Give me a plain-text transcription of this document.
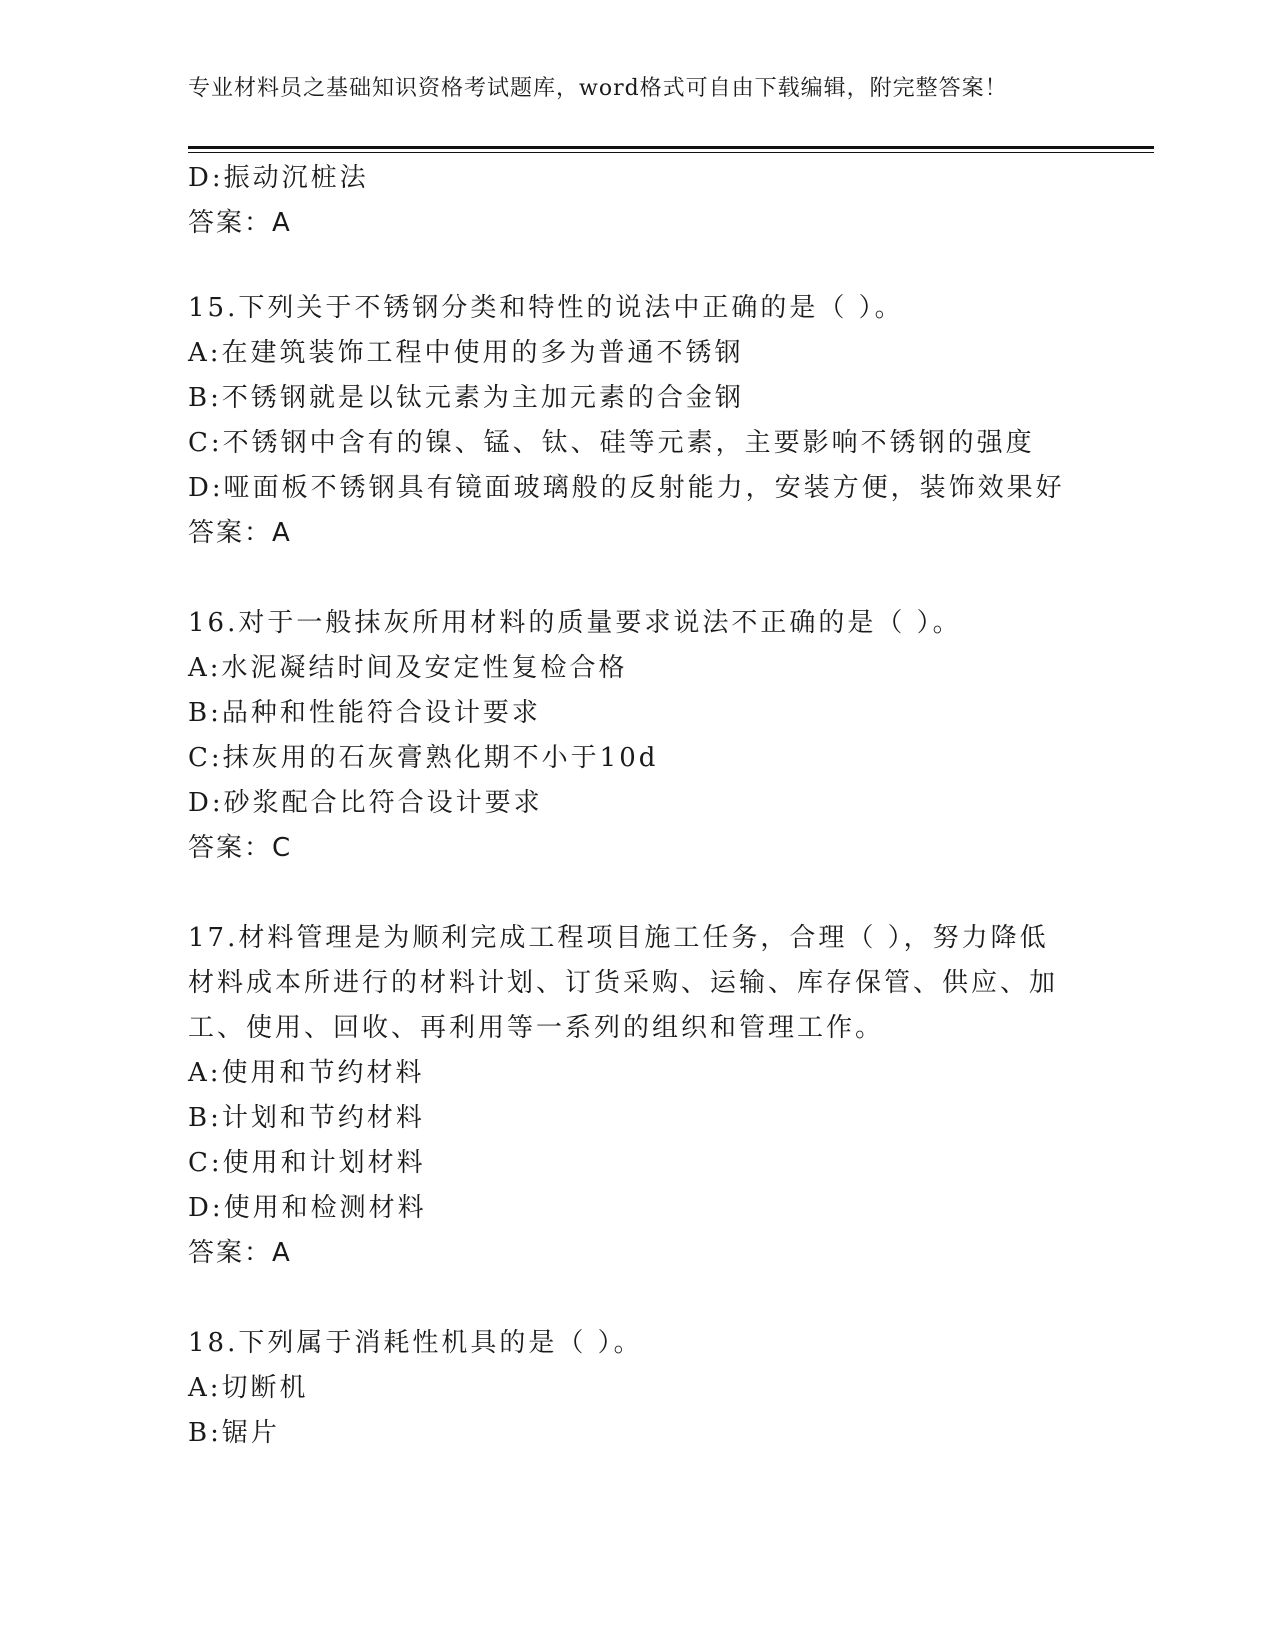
专业材料员之基础知识资格考试题库，word格式可自由下载编辑，附完整答案！
D:振动沉桩法
答案：A
15.下列关于不锈钢分类和特性的说法中正确的是（ ）。
A:在建筑装饰工程中使用的多为普通不锈钢
B:不锈钢就是以钛元素为主加元素的合金钢
C:不锈钢中含有的镍、锰、钛、硅等元素，主要影响不锈钢的强度
D:哑面板不锈钢具有镜面玻璃般的反射能力，安装方便，装饰效果好
答案：A
16.对于一般抹灰所用材料的质量要求说法不正确的是（ ）。
A:水泥凝结时间及安定性复检合格
B:品种和性能符合设计要求
C:抹灰用的石灰膏熟化期不小于10d
D:砂浆配合比符合设计要求
答案：C
17.材料管理是为顺利完成工程项目施工任务，合理（ ），努力降低
材料成本所进行的材料计划、订货采购、运输、库存保管、供应、加
工、使用、回收、再利用等一系列的组织和管理工作。
A:使用和节约材料
B:计划和节约材料
C:使用和计划材料
D:使用和检测材料
答案：A
18.下列属于消耗性机具的是（ ）。
A:切断机
B:锯片
